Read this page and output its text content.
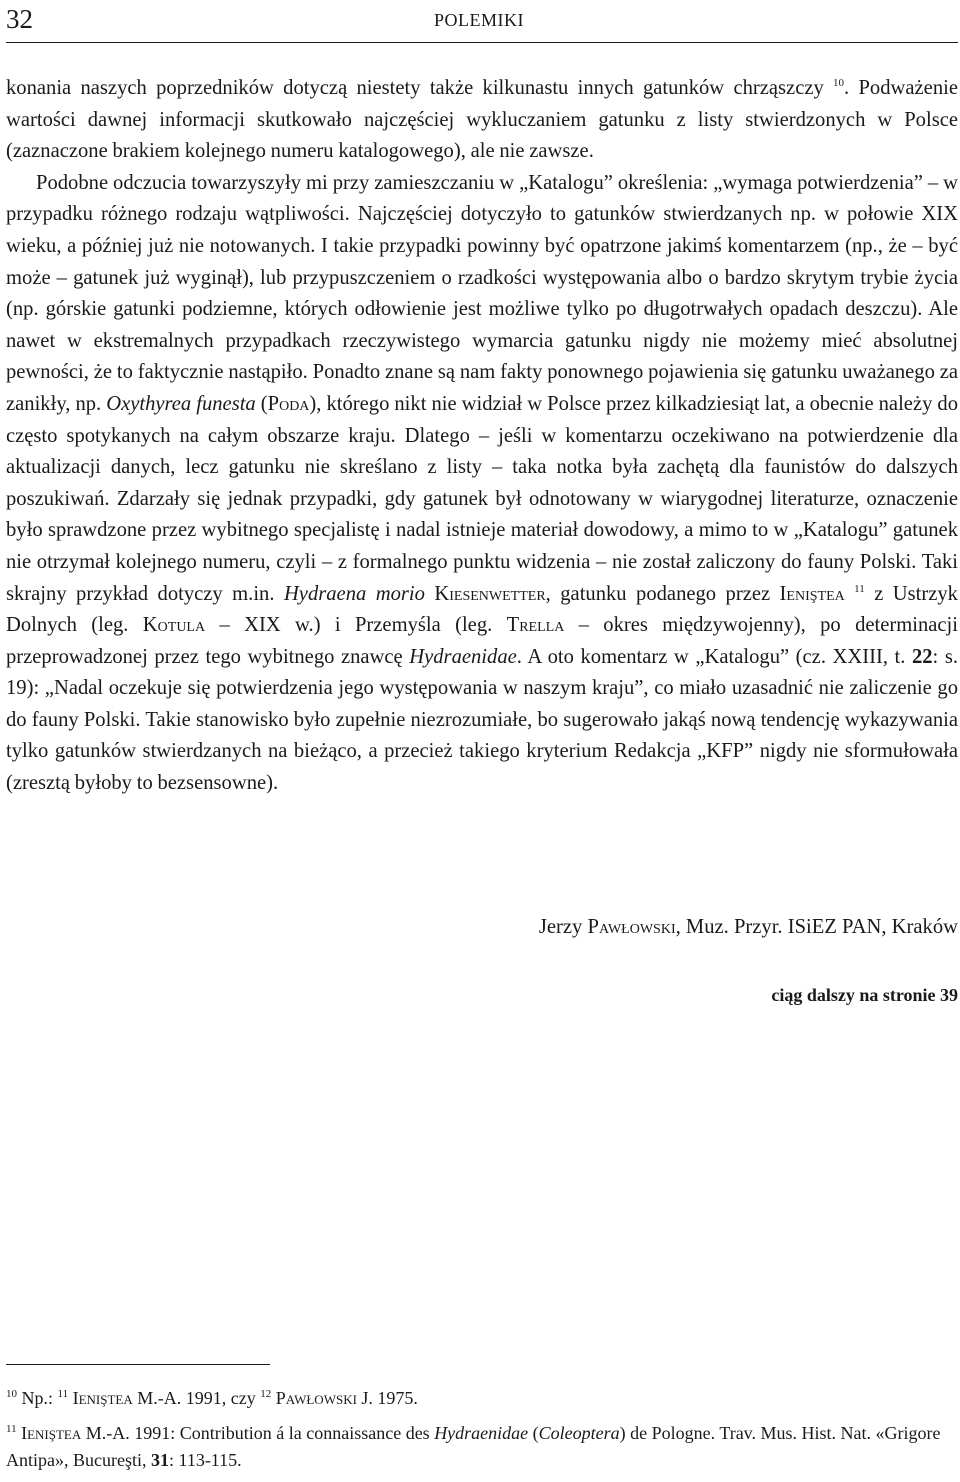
32	POLEMIKI

konania naszych poprzedników dotyczą niestety także kilkunastu innych gatunków chrząszczy $^{10}$. Podważenie wartości dawnej informacji skutkowało najczęściej wykluczaniem gatunku z listy stwierdzonych w Polsce (zaznaczone brakiem kolejnego numeru katalogowego), ale nie zawsze.

Podobne odczucia towarzyszyły mi przy zamieszczaniu w „Katalogu” określenia: „wymaga potwierdzenia” – w przypadku różnego rodzaju wątpliwości. Najczęściej dotyczyło to gatunków stwierdzanych np. w połowie XIX wieku, a później już nie notowanych. I takie przypadki powinny być opatrzone jakimś komentarzem (np., że – być może – gatunek już wyginął), lub przypuszczeniem o rzadkości występowania albo o bardzo skrytym trybie życia (np. górskie gatunki podziemne, których odłowienie jest możliwe tylko po długotrwałych opadach deszczu). Ale nawet w ekstremalnych przypadkach rzeczywistego wymarcia gatunku nigdy nie możemy mieć absolutnej pewności, że to faktycznie nastąpiło. Ponadto znane są nam fakty ponownego pojawienia się gatunku uważanego za zanikły, np. Oxythyrea funesta (Poda), którego nikt nie widział w Polsce przez kilkadziesiąt lat, a obecnie należy do często spotykanych na całym obszarze kraju. Dlatego – jeśli w komentarzu oczekiwano na potwierdzenie dla aktualizacji danych, lecz gatunku nie skreślano z listy – taka notka była zachętą dla faunistów do dalszych poszukiwań. Zdarzały się jednak przypadki, gdy gatunek był odnotowany w wiarygodnej literaturze, oznaczenie było sprawdzone przez wybitnego specjalistę i nadal istnieje materiał dowodowy, a mimo to w „Katalogu” gatunek nie otrzymał kolejnego numeru, czyli – z formalnego punktu widzenia – nie został zaliczony do fauny Polski. Taki skrajny przykład dotyczy m.in. Hydraena morio Kiesenwetter, gatunku podanego przez Ieniştea $^{11}$ z Ustrzyk Dolnych (leg. Kotula – XIX w.) i Przemyśla (leg. Trella – okres międzywojenny), po determinacji przeprowadzonej przez tego wybitnego znawcę Hydraenidae. A oto komentarz w „Katalogu” (cz. XXIII, t. 22: s. 19): „Nadal oczekuje się potwierdzenia jego występowania w naszym kraju”, co miało uzasadnić nie zaliczenie go do fauny Polski. Takie stanowisko było zupełnie niezrozumiałe, bo sugerowało jakąś nową tendencję wykazywania tylko gatunków stwierdzanych na bieżąco, a przecież takiego kryterium Redakcja „KFP” nigdy nie sformułowała (zresztą byłoby to bezsensowne).

Jerzy Pawłowski, Muz. Przyr. ISiEZ PAN, Kraków
ciąg dalszy na stronie 39

$^{10}$ Np.: $^{11}$ Ieniştea M.-A. 1991, czy $^{12}$ Pawłowski J. 1975.

$^{11}$ Ieniştea M.-A. 1991: Contribution á la connaissance des Hydraenidae (Coleoptera) de Pologne. Trav. Mus. Hist. Nat. «Grigore Antipa», Bucureşti, 31: 113-115.
